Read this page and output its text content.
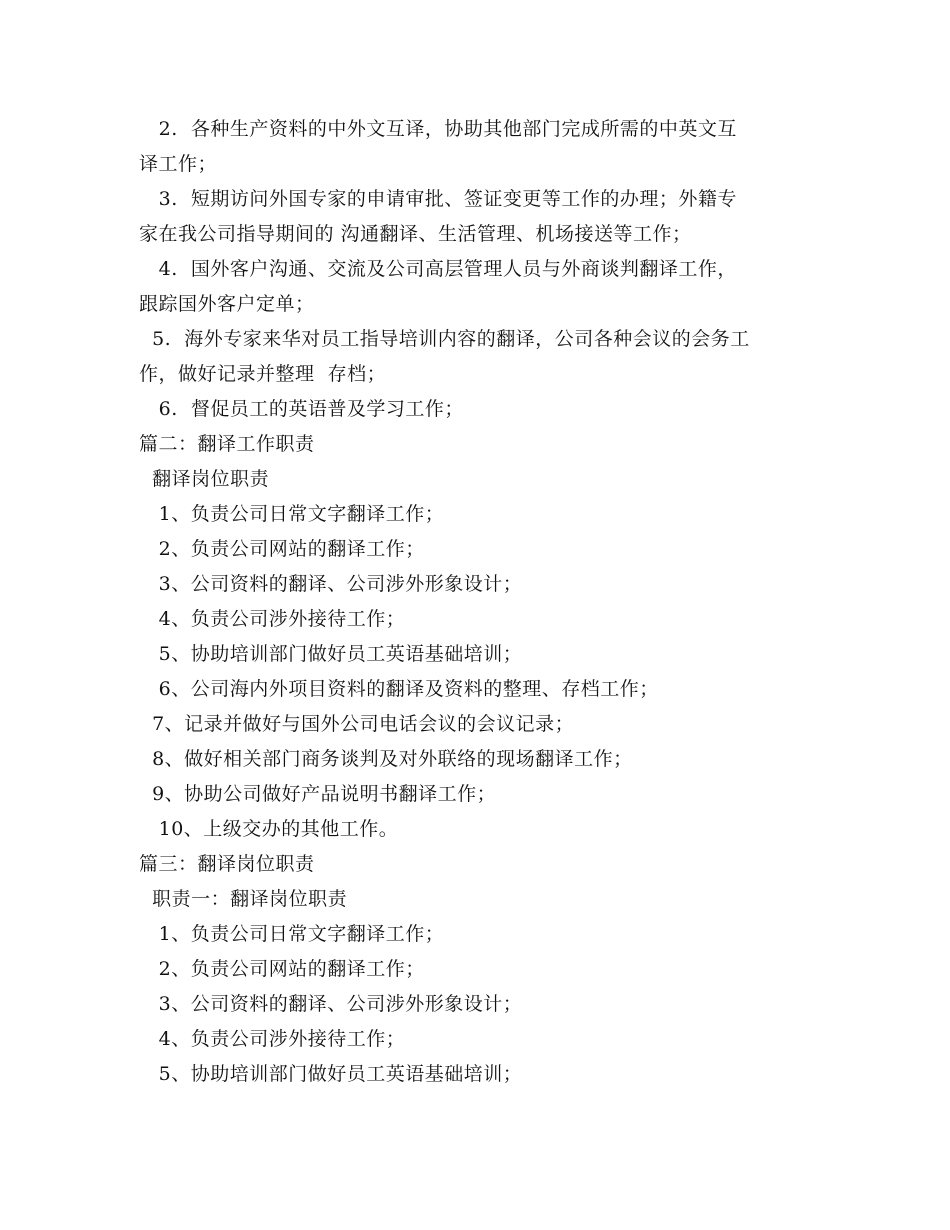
2.  各种生产资料的中外文互译，协助其他部门完成所需的中英文互
译工作；
3.  短期访问外国专家的申请审批、签证变更等工作的办理；外籍专
家在我公司指导期间的 沟通翻译、生活管理、机场接送等工作；
4.  国外客户沟通、交流及公司高层管理人员与外商谈判翻译工作，
跟踪国外客户定单；
5.  海外专家来华对员工指导培训内容的翻译，公司各种会议的会务工
作，做好记录并整理  存档；
6.  督促员工的英语普及学习工作；
篇二：翻译工作职责
翻译岗位职责
1、负责公司日常文字翻译工作；
2、负责公司网站的翻译工作；
3、公司资料的翻译、公司涉外形象设计；
4、负责公司涉外接待工作；
5、协助培训部门做好员工英语基础培训；
6、公司海内外项目资料的翻译及资料的整理、存档工作；
7、记录并做好与国外公司电话会议的会议记录；
8、做好相关部门商务谈判及对外联络的现场翻译工作；
9、协助公司做好产品说明书翻译工作；
10、上级交办的其他工作。
篇三：翻译岗位职责
职责一：翻译岗位职责
1、负责公司日常文字翻译工作；
2、负责公司网站的翻译工作；
3、公司资料的翻译、公司涉外形象设计；
4、负责公司涉外接待工作；
5、协助培训部门做好员工英语基础培训；
